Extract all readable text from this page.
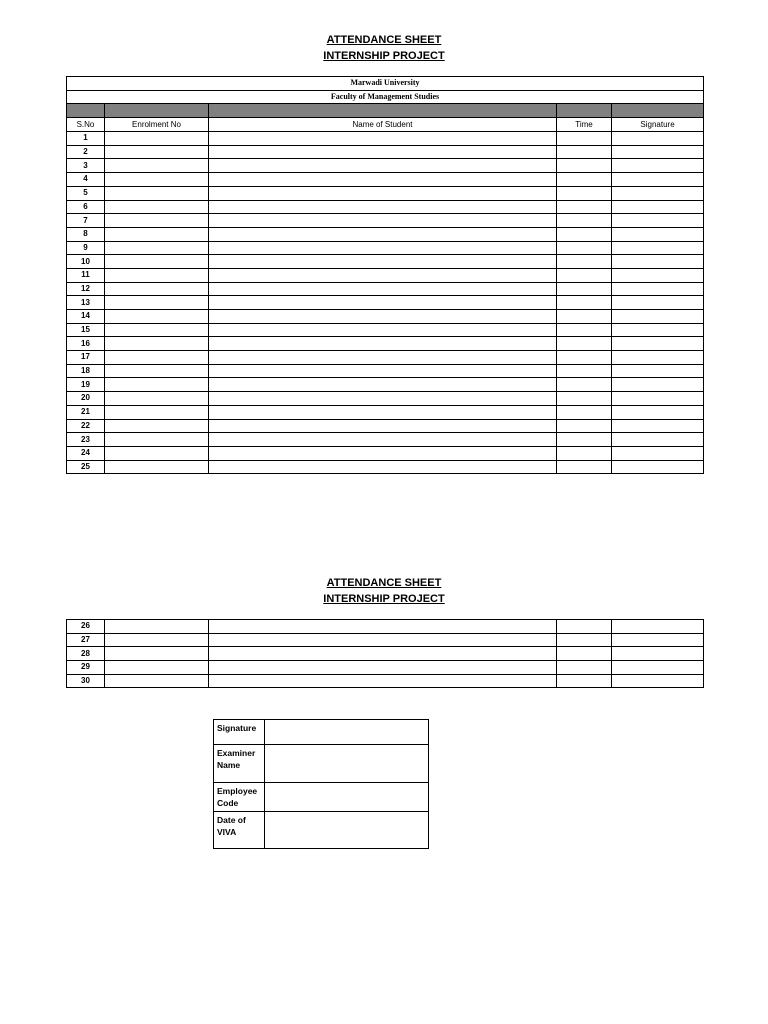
ATTENDANCE SHEET
INTERNSHIP PROJECT
Marwadi University				
Faculty of Management Studies				

S.No	Enrolment No	Name of Student	Time	Signature
1				
2				
3				
4				
5				
6				
7				
8				
9				
10				
11				
12				
13				
14				
15				
16				
17				
18				
19				
20				
21				
22				
23				
24				
25				
ATTENDANCE SHEET
INTERNSHIP PROJECT
26				
27				
28				
29				
30				
Signature	
Examiner
Name	
Employee
Code	
Date of
VIVA	
